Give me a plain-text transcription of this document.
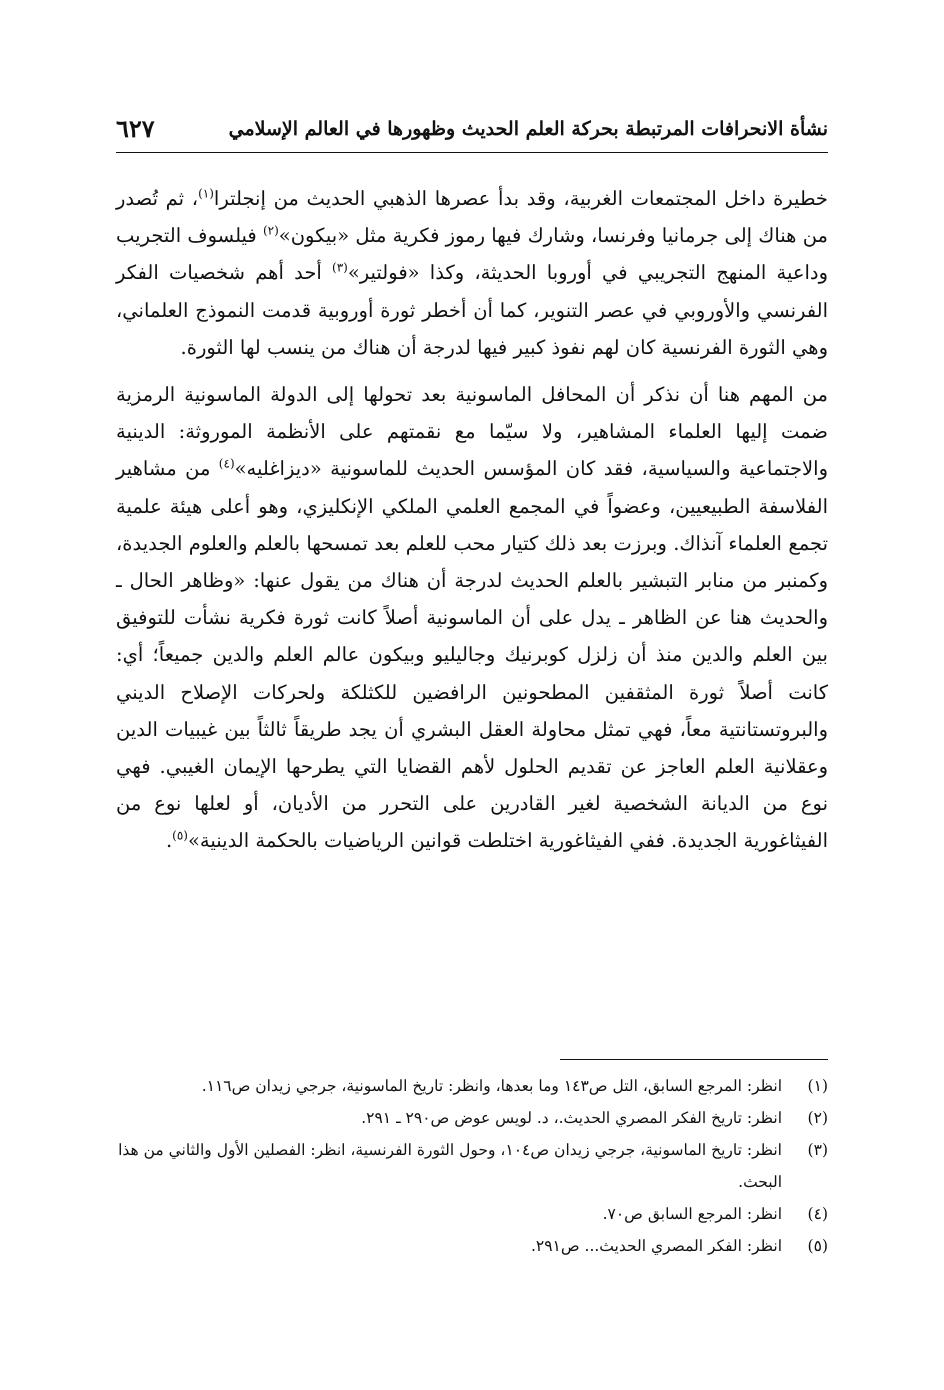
نشأة الانحرافات المرتبطة بحركة العلم الحديث وظهورها في العالم الإسلامي
٦٢٧

خطيرة داخل المجتمعات الغربية، وقد بدأ عصرها الذهبي الحديث من إنجلترا$^{(١)}$، ثم تُصدر من هناك إلى جرمانيا وفرنسا، وشارك فيها رموز فكرية مثل «بيكون»$^{(٢)}$ فيلسوف التجريب وداعية المنهج التجريبي في أوروبا الحديثة، وكذا «فولتير»$^{(٣)}$ أحد أهم شخصيات الفكر الفرنسي والأوروبي في عصر التنوير، كما أن أخطر ثورة أوروبية قدمت النموذج العلماني، وهي الثورة الفرنسية كان لهم نفوذ كبير فيها لدرجة أن هناك من ينسب لها الثورة.

من المهم هنا أن نذكر أن المحافل الماسونية بعد تحولها إلى الدولة الماسونية الرمزية ضمت إليها العلماء المشاهير، ولا سيّما مع نقمتهم على الأنظمة الموروثة: الدينية والاجتماعية والسياسية، فقد كان المؤسس الحديث للماسونية «ديزاغليه»$^{(٤)}$ من مشاهير الفلاسفة الطبيعيين، وعضواً في المجمع العلمي الملكي الإنكليزي، وهو أعلى هيئة علمية تجمع العلماء آنذاك. وبرزت بعد ذلك كتيار محب للعلم بعد تمسحها بالعلم والعلوم الجديدة، وكمنبر من منابر التبشير بالعلم الحديث لدرجة أن هناك من يقول عنها: «وظاهر الحال ـ والحديث هنا عن الظاهر ـ يدل على أن الماسونية أصلاً كانت ثورة فكرية نشأت للتوفيق بين العلم والدين منذ أن زلزل كوبرنيك وجاليليو وبيكون عالم العلم والدين جميعاً؛ أي: كانت أصلاً ثورة المثقفين المطحونين الرافضين للكثلكة ولحركات الإصلاح الديني والبروتستانتية معاً، فهي تمثل محاولة العقل البشري أن يجد طريقاً ثالثاً بين غيبيات الدين وعقلانية العلم العاجز عن تقديم الحلول لأهم القضايا التي يطرحها الإيمان الغيبي. فهي نوع من الديانة الشخصية لغير القادرين على التحرر من الأديان، أو لعلها نوع من الفيثاغورية الجديدة. ففي الفيثاغورية اختلطت قوانين الرياضيات بالحكمة الدينية»$^{(٥)}$.

(١)
انظر: المرجع السابق، التل ص١٤٣ وما بعدها، وانظر: تاريخ الماسونية، جرجي زيدان ص١١٦.
(٢)
انظر: تاريخ الفكر المصري الحديث.، د. لويس عوض ص٢٩٠ ـ ٢٩١.
(٣)
انظر: تاريخ الماسونية، جرجي زيدان ص١٠٤، وحول الثورة الفرنسية، انظر: الفصلين الأول والثاني من هذا البحث.
(٤)
انظر: المرجع السابق ص٧٠.
(٥)
انظر: الفكر المصري الحديث... ص٢٩١.
